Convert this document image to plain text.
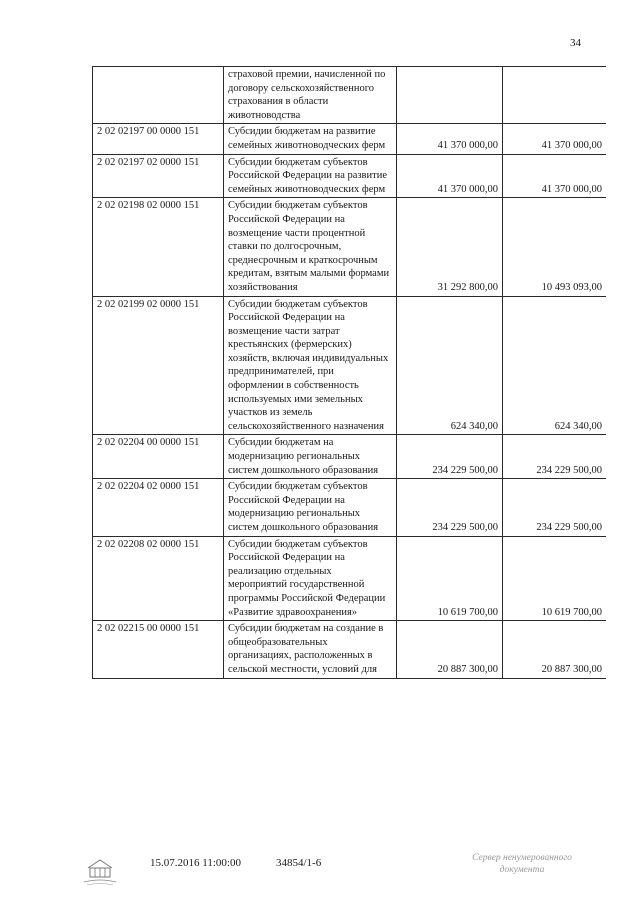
34
	страховой премии, начисленной по договору сельскохозяйственного страхования в области животноводства		
2 02 02197 00 0000 151	Субсидии бюджетам на развитие семейных животноводческих ферм	41 370 000,00	41 370 000,00
2 02 02197 02 0000 151	Субсидии бюджетам субъектов Российской Федерации на развитие семейных животноводческих ферм	41 370 000,00	41 370 000,00
2 02 02198 02 0000 151	Субсидии бюджетам субъектов Российской Федерации на возмещение части процентной ставки по долгосрочным, среднесрочным и краткосрочным кредитам, взятым малыми формами хозяйствования	31 292 800,00	10 493 093,00
2 02 02199 02 0000 151	Субсидии бюджетам субъектов Российской Федерации на возмещение части затрат крестьянских (фермерских) хозяйств, включая индивидуальных предпринимателей, при оформлении в собственность используемых ими земельных участков из земель сельскохозяйственного назначения	624 340,00	624 340,00
2 02 02204 00 0000 151	Субсидии бюджетам на модернизацию региональных систем дошкольного образования	234 229 500,00	234 229 500,00
2 02 02204 02 0000 151	Субсидии бюджетам субъектов Российской Федерации на модернизацию региональных систем дошкольного образования	234 229 500,00	234 229 500,00
2 02 02208 02 0000 151	Субсидии бюджетам субъектов Российской Федерации на реализацию отдельных мероприятий государственной программы Российской Федерации «Развитие здравоохранения»	10 619 700,00	10 619 700,00
2 02 02215 00 0000 151	Субсидии бюджетам на создание в общеобразовательных организациях, расположенных в сельской местности, условий для	20 887 300,00	20 887 300,00
15.07.2016 11:00:00	34854/1-6	Сервер ненумерованного
документа
